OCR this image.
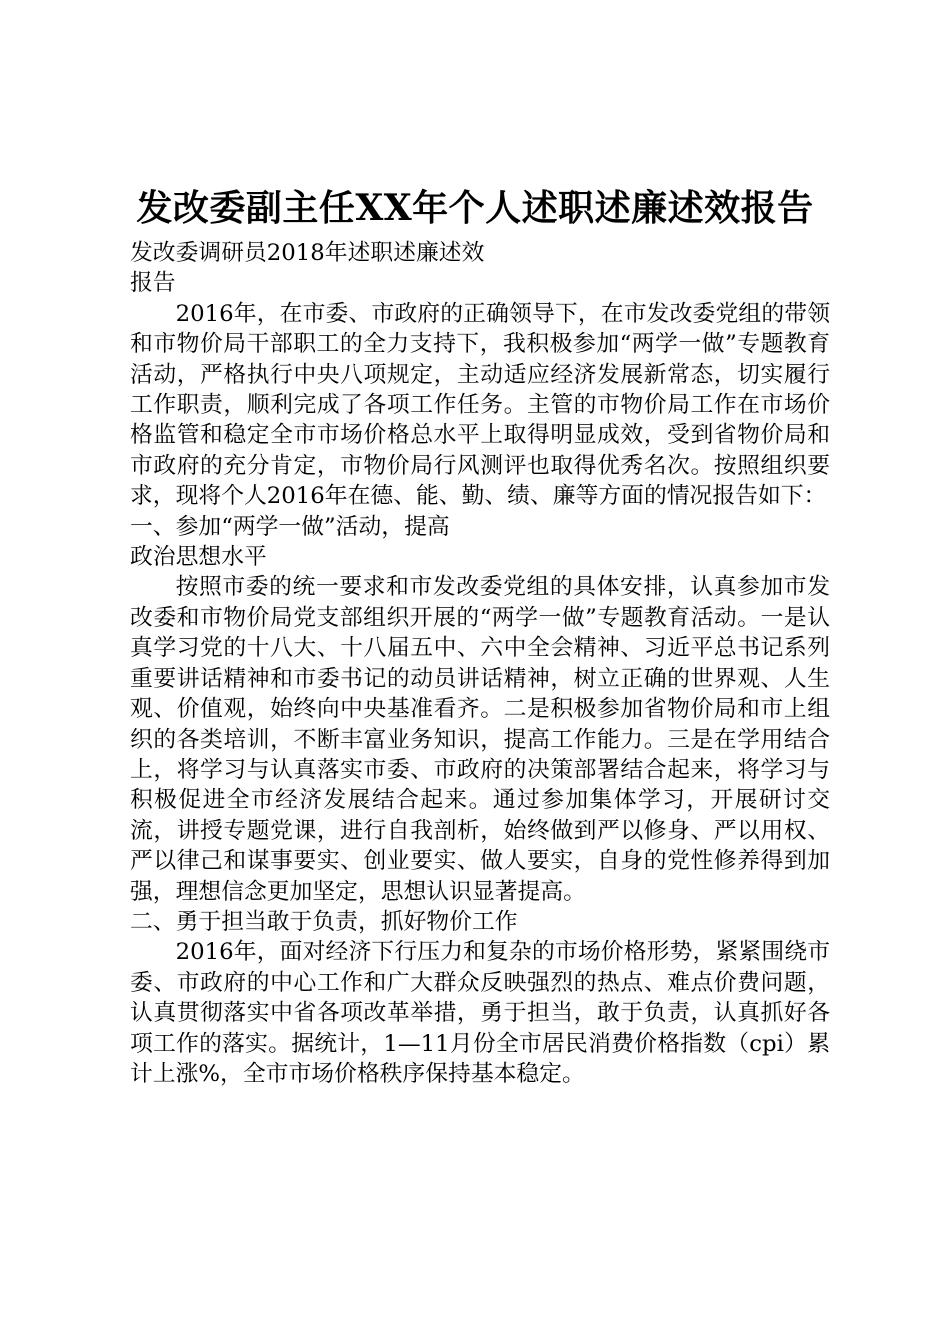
发改委副主任XX年个人述职述廉述效报告

发改委调研员2018年述职述廉述效

报告

2016年，在市委、市政府的正确领导下，在市发改委党组的带领和市物价局干部职工的全力支持下，我积极参加“两学一做”专题教育活动，严格执行中央八项规定，主动适应经济发展新常态，切实履行工作职责，顺利完成了各项工作任务。主管的市物价局工作在市场价格监管和稳定全市市场价格总水平上取得明显成效，受到省物价局和市政府的充分肯定，市物价局行风测评也取得优秀名次。按照组织要求，现将个人2016年在德、能、勤、绩、廉等方面的情况报告如下：

一、参加“两学一做”活动，提高

政治思想水平

按照市委的统一要求和市发改委党组的具体安排，认真参加市发改委和市物价局党支部组织开展的“两学一做”专题教育活动。一是认真学习党的十八大、十八届五中、六中全会精神、习近平总书记系列重要讲话精神和市委书记的动员讲话精神，树立正确的世界观、人生观、价值观，始终向中央基准看齐。二是积极参加省物价局和市上组织的各类培训，不断丰富业务知识，提高工作能力。三是在学用结合上，将学习与认真落实市委、市政府的决策部署结合起来，将学习与积极促进全市经济发展结合起来。通过参加集体学习，开展研讨交流，讲授专题党课，进行自我剖析，始终做到严以修身、严以用权、严以律己和谋事要实、创业要实、做人要实，自身的党性修养得到加强，理想信念更加坚定，思想认识显著提高。

二、勇于担当敢于负责，抓好物价工作

2016年，面对经济下行压力和复杂的市场价格形势，紧紧围绕市委、市政府的中心工作和广大群众反映强烈的热点、难点价费问题，认真贯彻落实中省各项改革举措，勇于担当，敢于负责，认真抓好各项工作的落实。据统计，1—11月份全市居民消费价格指数（cpi）累计上涨%，全市市场价格秩序保持基本稳定。
